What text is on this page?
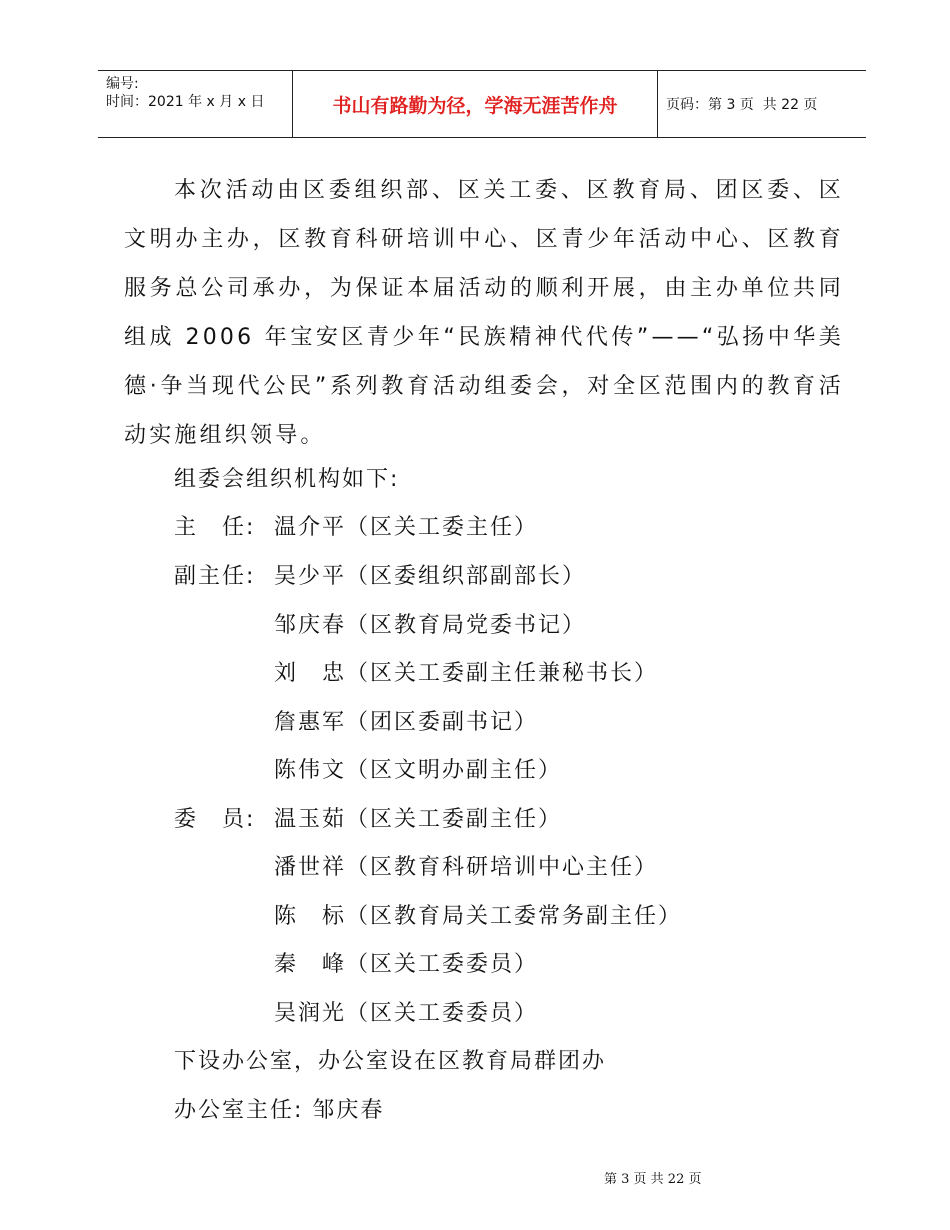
编号:
时间：2021 年 x 月 x 日	书山有路勤为径，学海无涯苦作舟	页码：第 3 页  共 22 页

本次活动由区委组织部、区关工委、区教育局、团区委、区文明办主办，区教育科研培训中心、区青少年活动中心、区教育服务总公司承办，为保证本届活动的顺利开展，由主办单位共同组成 2006 年宝安区青少年“民族精神代代传”——“弘扬中华美德·争当现代公民”系列教育活动组委会，对全区范围内的教育活动实施组织领导。

组委会组织机构如下:
主　任: 温介平（区关工委主任）
副主任: 吴少平（区委组织部副部长）
邹庆春（区教育局党委书记）
刘　忠（区关工委副主任兼秘书长）
詹惠军（团区委副书记）
陈伟文（区文明办副主任）
委　员: 温玉茹（区关工委副主任）
潘世祥（区教育科研培训中心主任）
陈　标（区教育局关工委常务副主任）
秦　峰（区关工委委员）
吴润光（区关工委委员）
下设办公室，办公室设在区教育局群团办
办公室主任: 邹庆春
第 3 页 共 22 页
